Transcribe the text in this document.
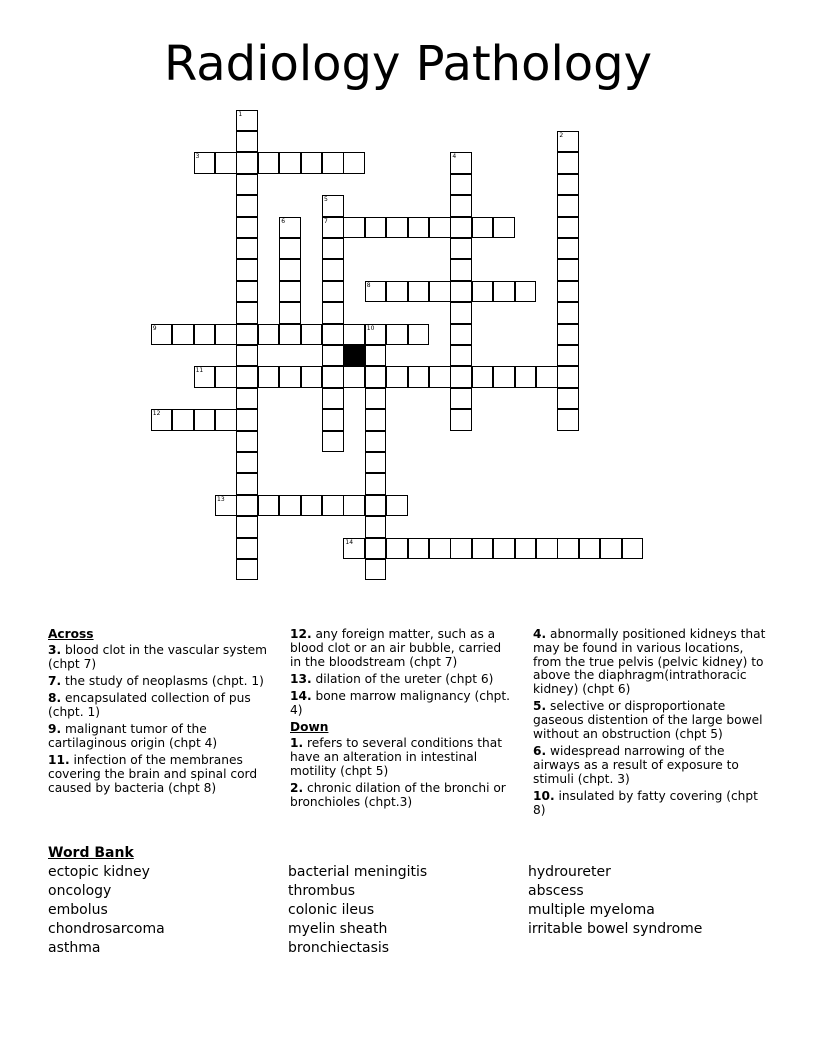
Radiology Pathology
1
3
2
4
5
7
6
8
9	10
11
12
13
14
Across
3. blood clot in the vascular system (chpt 7)
7. the study of neoplasms (chpt. 1)
8. encapsulated collection of pus (chpt. 1)
9. malignant tumor of the cartilaginous origin (chpt 4)
11. infection of the membranes covering the brain and spinal cord caused by bacteria (chpt 8)
12. any foreign matter, such as a blood clot or an air bubble, carried in the bloodstream (chpt 7)
13. dilation of the ureter (chpt 6)
14. bone marrow malignancy (chpt. 4)
Down
1. refers to several conditions that have an alteration in intestinal motility (chpt 5)
2. chronic dilation of the bronchi or bronchioles (chpt.3)
4. abnormally positioned kidneys that may be found in various locations, from the true pelvis (pelvic kidney) to above the diaphragm(intrathoracic kidney) (chpt 6)
5. selective or disproportionate gaseous distention of the large bowel without an obstruction (chpt 5)
6. widespread narrowing of the airways as a result of exposure to stimuli (chpt. 3)
10. insulated by fatty covering (chpt 8)
Word Bank
ectopic kidney
oncology
embolus
chondrosarcoma
asthma
bacterial meningitis
thrombus
colonic ileus
myelin sheath
bronchiectasis
hydroureter
abscess
multiple myeloma
irritable bowel syndrome
